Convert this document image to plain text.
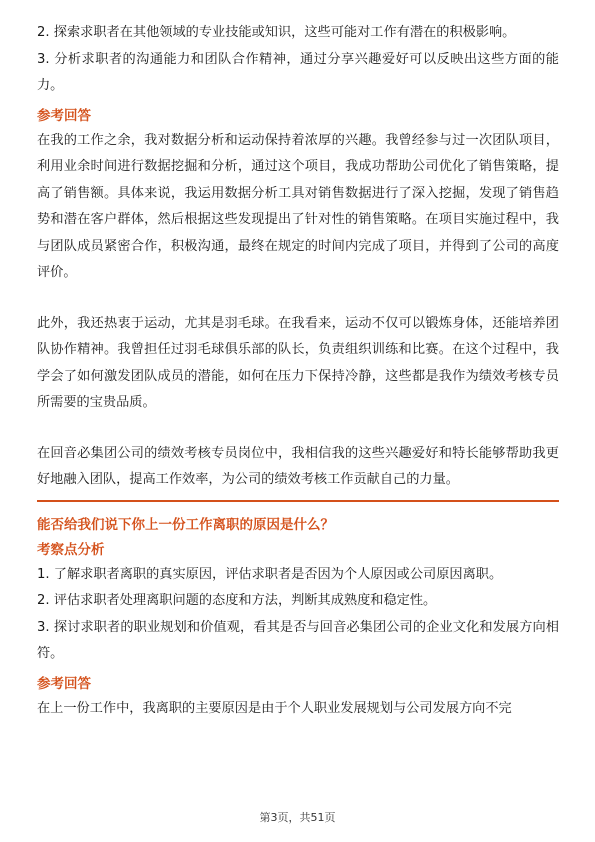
2. 探索求职者在其他领域的专业技能或知识，这些可能对工作有潜在的积极影响。

3. 分析求职者的沟通能力和团队合作精神，通过分享兴趣爱好可以反映出这些方面的能力。

参考回答

在我的工作之余，我对数据分析和运动保持着浓厚的兴趣。我曾经参与过一次团队项目，利用业余时间进行数据挖掘和分析，通过这个项目，我成功帮助公司优化了销售策略，提高了销售额。具体来说，我运用数据分析工具对销售数据进行了深入挖掘，发现了销售趋势和潜在客户群体，然后根据这些发现提出了针对性的销售策略。在项目实施过程中，我与团队成员紧密合作，积极沟通，最终在规定的时间内完成了项目，并得到了公司的高度评价。

此外，我还热衷于运动，尤其是羽毛球。在我看来，运动不仅可以锻炼身体，还能培养团队协作精神。我曾担任过羽毛球俱乐部的队长，负责组织训练和比赛。在这个过程中，我学会了如何激发团队成员的潜能，如何在压力下保持冷静，这些都是我作为绩效考核专员所需要的宝贵品质。

在回音必集团公司的绩效考核专员岗位中，我相信我的这些兴趣爱好和特长能够帮助我更好地融入团队，提高工作效率，为公司的绩效考核工作贡献自己的力量。

能否给我们说下你上一份工作离职的原因是什么？

考察点分析

1. 了解求职者离职的真实原因，评估求职者是否因为个人原因或公司原因离职。

2. 评估求职者处理离职问题的态度和方法，判断其成熟度和稳定性。

3. 探讨求职者的职业规划和价值观，看其是否与回音必集团公司的企业文化和发展方向相符。

参考回答

在上一份工作中，我离职的主要原因是由于个人职业发展规划与公司发展方向不完

第3页，共51页
